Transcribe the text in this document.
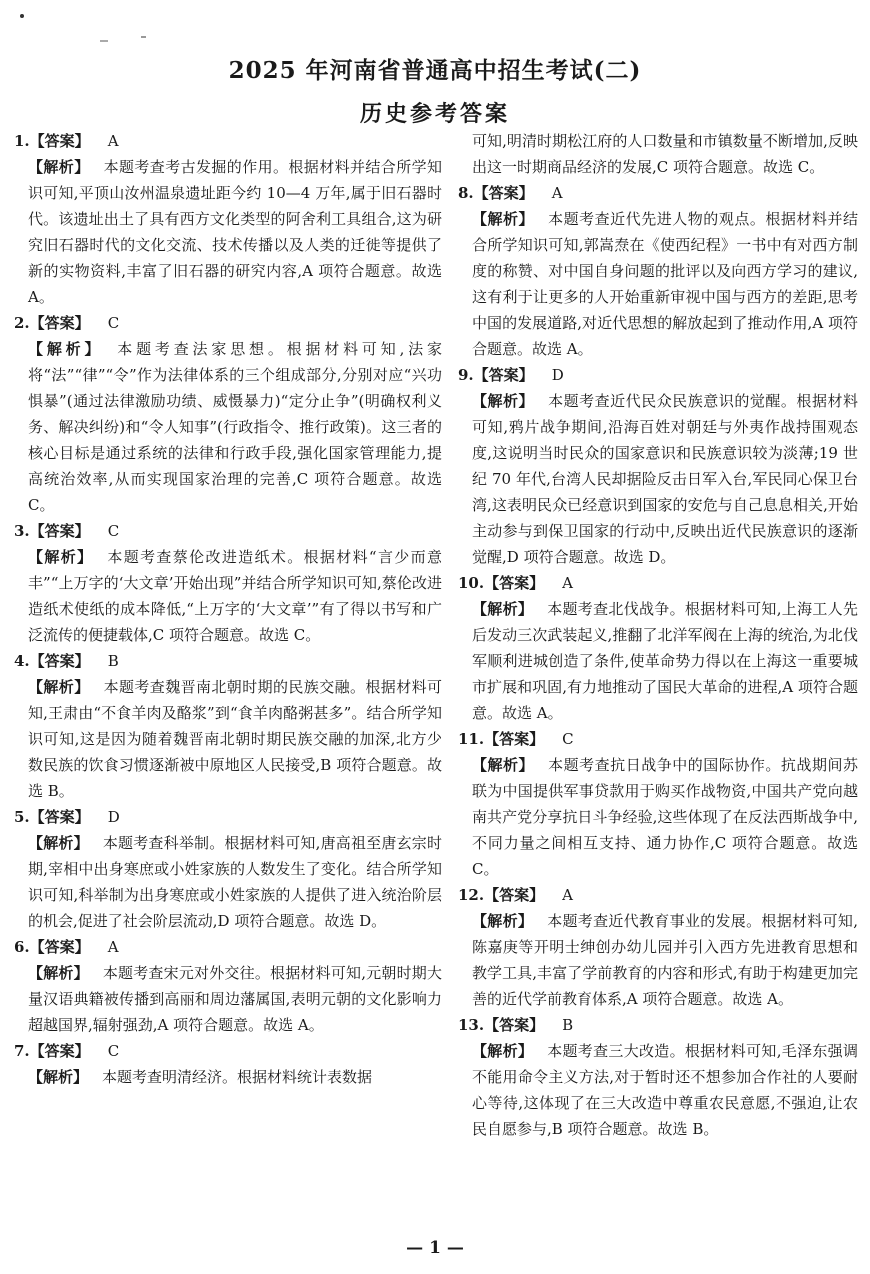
2025 年河南省普通高中招生考试(二)
历史参考答案
1.【答案】 A

【解析】 本题考查考古发掘的作用。根据材料并结合所学知识可知,平顶山汝州温泉遗址距今约 10—4 万年,属于旧石器时代。该遗址出土了具有西方文化类型的阿舍利工具组合,这为研究旧石器时代的文化交流、技术传播以及人类的迁徙等提供了新的实物资料,丰富了旧石器的研究内容,A 项符合题意。故选 A。

2.【答案】 C

【解析】 本题考查法家思想。根据材料可知,法家将“法”“律”“令”作为法律体系的三个组成部分,分别对应“兴功惧暴”(通过法律激励功绩、威慑暴力)“定分止争”(明确权利义务、解决纠纷)和“令人知事”(行政指令、推行政策)。这三者的核心目标是通过系统的法律和行政手段,强化国家管理能力,提高统治效率,从而实现国家治理的完善,C 项符合题意。故选 C。

3.【答案】 C

【解析】 本题考查蔡伦改进造纸术。根据材料“言少而意丰”“上万字的‘大文章’开始出现”并结合所学知识可知,蔡伦改进造纸术使纸的成本降低,“上万字的‘大文章’”有了得以书写和广泛流传的便捷载体,C 项符合题意。故选 C。

4.【答案】 B

【解析】 本题考查魏晋南北朝时期的民族交融。根据材料可知,王肃由“不食羊肉及酪浆”到“食羊肉酪粥甚多”。结合所学知识可知,这是因为随着魏晋南北朝时期民族交融的加深,北方少数民族的饮食习惯逐渐被中原地区人民接受,B 项符合题意。故选 B。

5.【答案】 D

【解析】 本题考查科举制。根据材料可知,唐高祖至唐玄宗时期,宰相中出身寒庶或小姓家族的人数发生了变化。结合所学知识可知,科举制为出身寒庶或小姓家族的人提供了进入统治阶层的机会,促进了社会阶层流动,D 项符合题意。故选 D。

6.【答案】 A

【解析】 本题考查宋元对外交往。根据材料可知,元朝时期大量汉语典籍被传播到高丽和周边藩属国,表明元朝的文化影响力超越国界,辐射强劲,A 项符合题意。故选 A。

7.【答案】 C

【解析】 本题考查明清经济。根据材料统计表数据

可知,明清时期松江府的人口数量和市镇数量不断增加,反映出这一时期商品经济的发展,C 项符合题意。故选 C。

8.【答案】 A

【解析】 本题考查近代先进人物的观点。根据材料并结合所学知识可知,郭嵩焘在《使西纪程》一书中有对西方制度的称赞、对中国自身问题的批评以及向西方学习的建议,这有利于让更多的人开始重新审视中国与西方的差距,思考中国的发展道路,对近代思想的解放起到了推动作用,A 项符合题意。故选 A。

9.【答案】 D

【解析】 本题考查近代民众民族意识的觉醒。根据材料可知,鸦片战争期间,沿海百姓对朝廷与外夷作战持围观态度,这说明当时民众的国家意识和民族意识较为淡薄;19 世纪 70 年代,台湾人民却据险反击日军入台,军民同心保卫台湾,这表明民众已经意识到国家的安危与自己息息相关,开始主动参与到保卫国家的行动中,反映出近代民族意识的逐渐觉醒,D 项符合题意。故选 D。

10.【答案】 A

【解析】 本题考查北伐战争。根据材料可知,上海工人先后发动三次武装起义,推翻了北洋军阀在上海的统治,为北伐军顺利进城创造了条件,使革命势力得以在上海这一重要城市扩展和巩固,有力地推动了国民大革命的进程,A 项符合题意。故选 A。

11.【答案】 C

【解析】 本题考查抗日战争中的国际协作。抗战期间苏联为中国提供军事贷款用于购买作战物资,中国共产党向越南共产党分享抗日斗争经验,这些体现了在反法西斯战争中,不同力量之间相互支持、通力协作,C 项符合题意。故选 C。

12.【答案】 A

【解析】 本题考查近代教育事业的发展。根据材料可知,陈嘉庚等开明士绅创办幼儿园并引入西方先进教育思想和教学工具,丰富了学前教育的内容和形式,有助于构建更加完善的近代学前教育体系,A 项符合题意。故选 A。

13.【答案】 B

【解析】 本题考查三大改造。根据材料可知,毛泽东强调不能用命令主义方法,对于暂时还不想参加合作社的人要耐心等待,这体现了在三大改造中尊重农民意愿,不强迫,让农民自愿参与,B 项符合题意。故选 B。

— 1 —
